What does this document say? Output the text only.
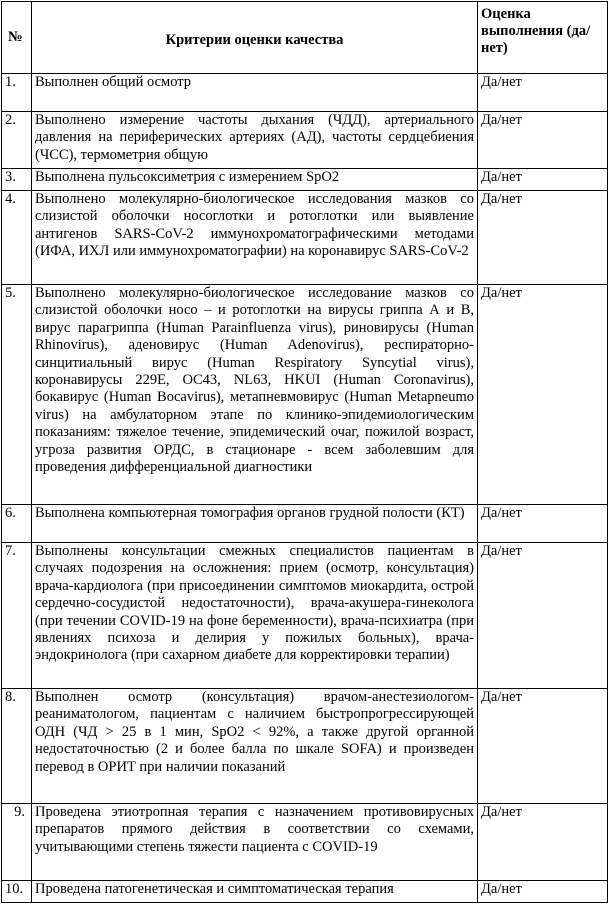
№	Критерии оценки качества	Оценка выполнения (да/нет)
1.	Выполнен общий осмотр	Да/нет
2.	Выполнено измерение частоты дыхания (ЧДД), артериального давления на периферических артериях (АД), частоты сердцебиения (ЧСС), термометрия общую	Да/нет
3.	Выполнена пульсоксиметрия с измерением SpO2	Да/нет
4.	Выполнено молекулярно-биологическое исследования мазков со слизистой оболочки носоглотки и ротоглотки или выявление антигенов SARS-CoV-2 иммунохроматографическими методами (ИФА, ИХЛ или иммунохроматографии) на коронавирус SARS-CoV-2	Да/нет
5.	Выполнено молекулярно-биологическое исследование мазков со слизистой оболочки носо – и ротоглотки на вирусы гриппа А и В, вирус парагриппа (Human Parainfluenza virus), риновирусы (Human Rhinovirus), аденовирус (Human Adenovirus), респираторно-синцитиальный вирус (Human Respiratory Syncytial virus), коронавирусы 229E, OC43, NL63, HKUI (Human Coronavirus), бокавирус (Human Bocavirus), метапневмовирус (Human Metapneumo virus) на амбулаторном этапе по клинико-эпидемиологическим показаниям: тяжелое течение, эпидемический очаг, пожилой возраст, угроза развития ОРДС, в стационаре - всем заболевшим для проведения дифференциальной диагностики	Да/нет
6.	Выполнена компьютерная томография органов грудной полости (КТ)	Да/нет
7.	Выполнены консультации смежных специалистов пациентам в случаях подозрения на осложнения: прием (осмотр, консультация) врача-кардиолога (при присоединении симптомов миокардита, острой сердечно-сосудистой недостаточности), врача-акушера-гинеколога (при течении COVID-19 на фоне беременности), врача-психиатра (при явлениях психоза и делирия у пожилых больных), врача-эндокринолога (при сахарном диабете для корректировки терапии)	Да/нет
8.	Выполнен осмотр (консультация) врачом-анестезиологом-реаниматологом, пациентам с наличием быстропрогрессирующей ОДН (ЧД > 25 в 1 мин, SpO2 < 92%, а также другой органной недостаточностью (2 и более балла по шкале SOFA) и произведен перевод в ОРИТ при наличии показаний	Да/нет
9.	Проведена этиотропная терапия с назначением противовирусных препаратов прямого действия в соответствии со схемами, учитывающими степень тяжести пациента с COVID-19	Да/нет
10.	Проведена патогенетическая и симптоматическая терапия	Да/нет
